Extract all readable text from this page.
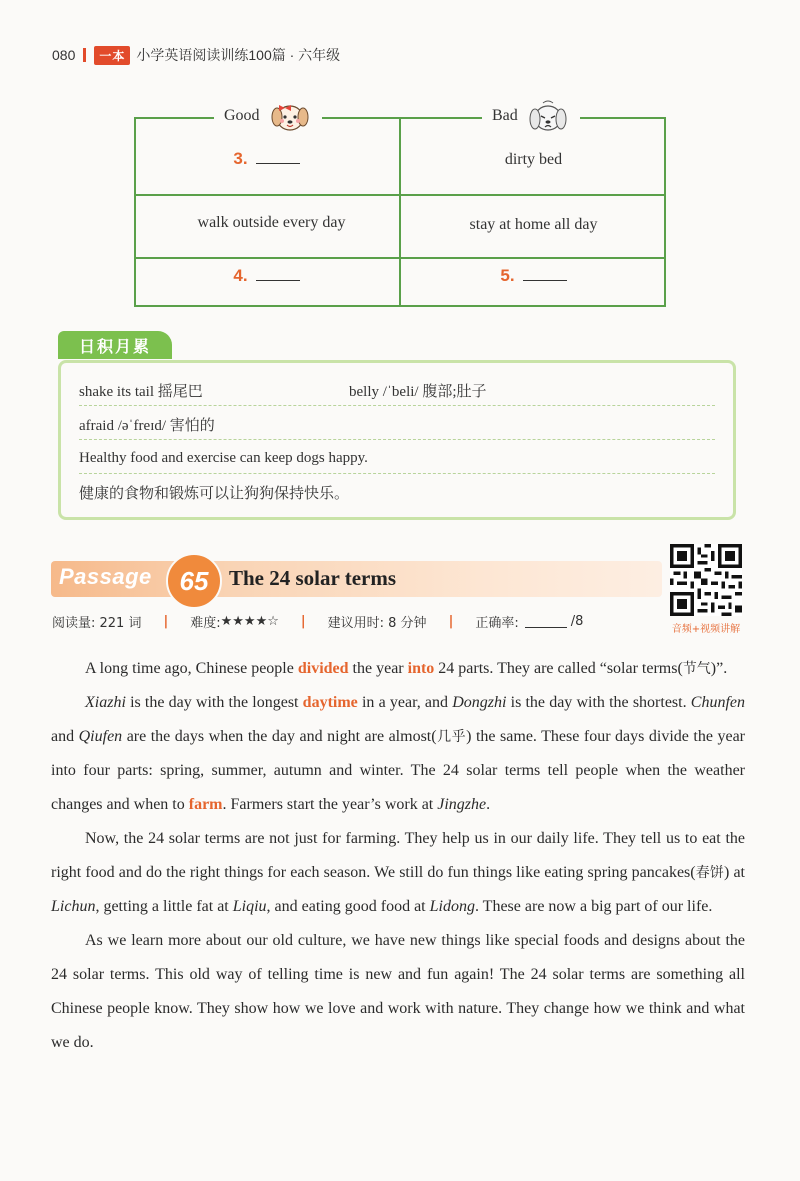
080	一本 小学英语阅读训练100篇 · 六年级
Good	Bad
3.	dirty bed
walk outside every day	stay at home all day
4.	5.
日积月累
shake its tail 摇尾巴	belly /ˈbeli/ 腹部;肚子
afraid /əˈfreɪd/ 害怕的
Healthy food and exercise can keep dogs happy.
健康的食物和锻炼可以让狗狗保持快乐。
Passage 65 The 24 solar terms
音频+视频讲解
阅读量: 221 词 | 难度: ★★★★☆ | 建议用时: 8 分钟 | 正确率:	/8

A long time ago, Chinese people divided the year into 24 parts. They are called “solar terms(节气)”.

Xiazhi is the day with the longest daytime in a year, and Dongzhi is the day with the shortest. Chunfen and Qiufen are the days when the day and night are almost(几乎) the same. These four days divide the year into four parts: spring, summer, autumn and winter. The 24 solar terms tell people when the weather changes and when to farm. Farmers start the year’s work at Jingzhe.

Now, the 24 solar terms are not just for farming. They help us in our daily life. They tell us to eat the right food and do the right things for each season. We still do fun things like eating spring pancakes(春饼) at Lichun, getting a little fat at Liqiu, and eating good food at Lidong. These are now a big part of our life.

As we learn more about our old culture, we have new things like special foods and designs about the 24 solar terms. This old way of telling time is new and fun again! The 24 solar terms are something all Chinese people know. They show how we love and work with nature. They change how we think and what we do.
